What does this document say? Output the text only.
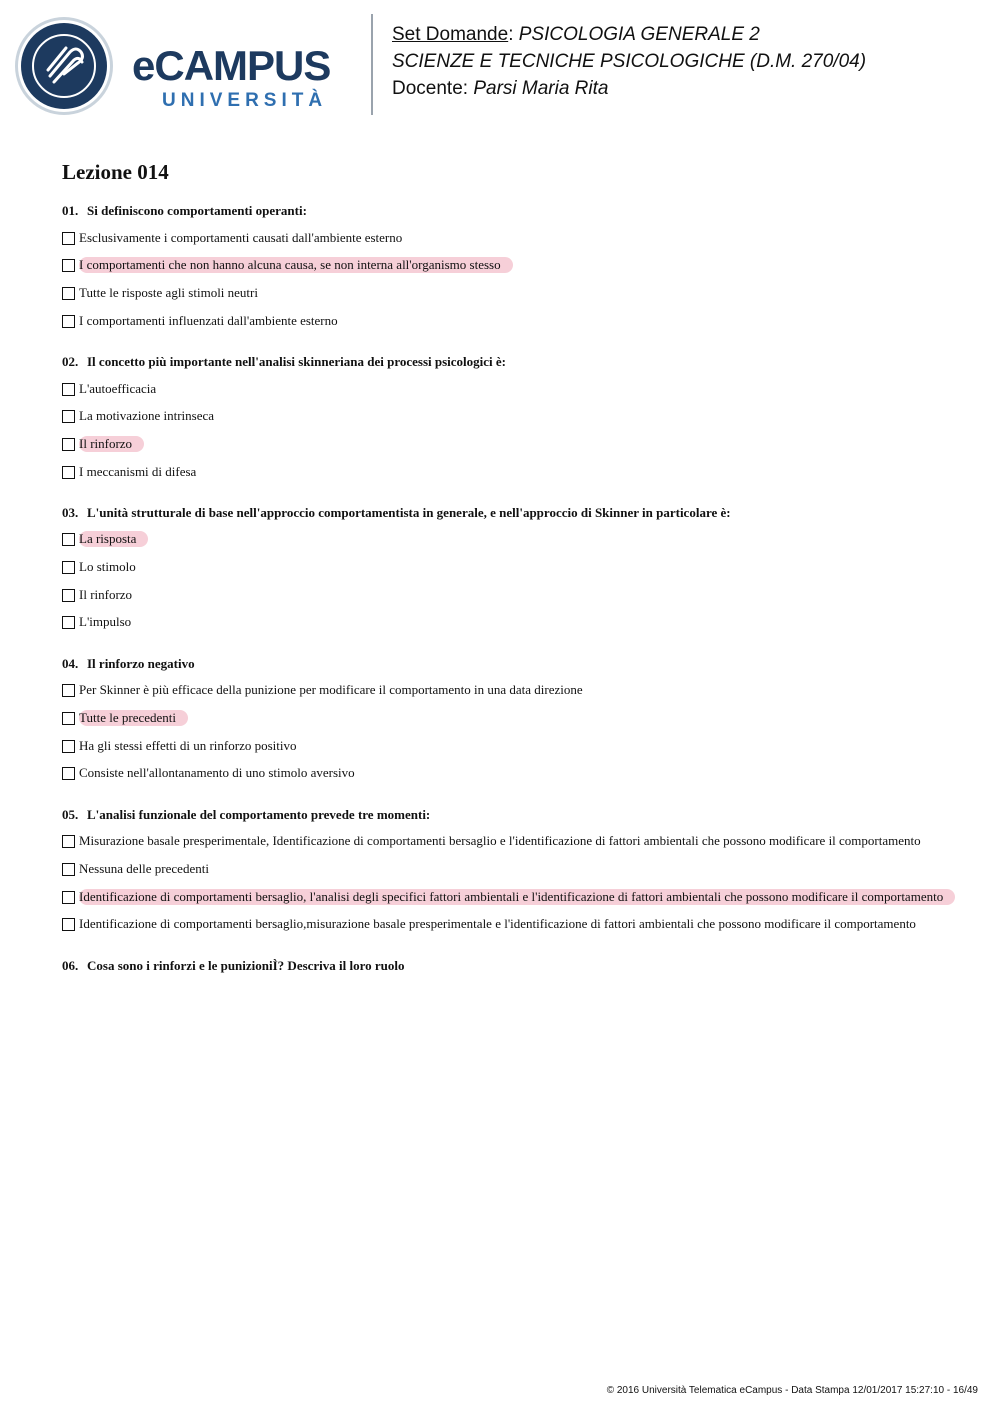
eCAMPUS
UNIVERSITÀ
Set Domande: PSICOLOGIA GENERALE 2
SCIENZE E TECNICHE PSICOLOGICHE (D.M. 270/04)
Docente: Parsi Maria Rita
Lezione 014
01. Si definiscono comportamenti operanti:
Esclusivamente i comportamenti causati dall'ambiente esterno
I comportamenti che non hanno alcuna causa, se non interna all'organismo stesso
Tutte le risposte agli stimoli neutri
I comportamenti influenzati dall'ambiente esterno
02. Il concetto più importante nell'analisi skinneriana dei processi psicologici è:
L'autoefficacia
La motivazione intrinseca
Il rinforzo
I meccanismi di difesa
03. L'unità strutturale di base nell'approccio comportamentista in generale, e nell'approccio di Skinner in particolare è:
La risposta
Lo stimolo
Il rinforzo
L'impulso
04. Il rinforzo negativo
Per Skinner è più efficace della punizione per modificare il comportamento in una data direzione
Tutte le precedenti
Ha gli stessi effetti di un rinforzo positivo
Consiste nell'allontanamento di uno stimolo aversivo
05. L'analisi funzionale del comportamento prevede tre momenti:
Misurazione basale presperimentale, Identificazione di comportamenti bersaglio e l'identificazione di fattori ambientali che possono modificare il comportamento
Nessuna delle precedenti
Identificazione di comportamenti bersaglio, l'analisi degli specifici fattori ambientali e l'identificazione di fattori ambientali che possono modificare il comportamento
Identificazione di comportamenti bersaglio,misurazione basale presperimentale e l'identificazione di fattori ambientali che possono modificare il comportamento
06. Cosa sono i rinforzi e le punizioniÌ? Descriva il loro ruolo
© 2016 Università Telematica eCampus - Data Stampa 12/01/2017 15:27:10 - 16/49
